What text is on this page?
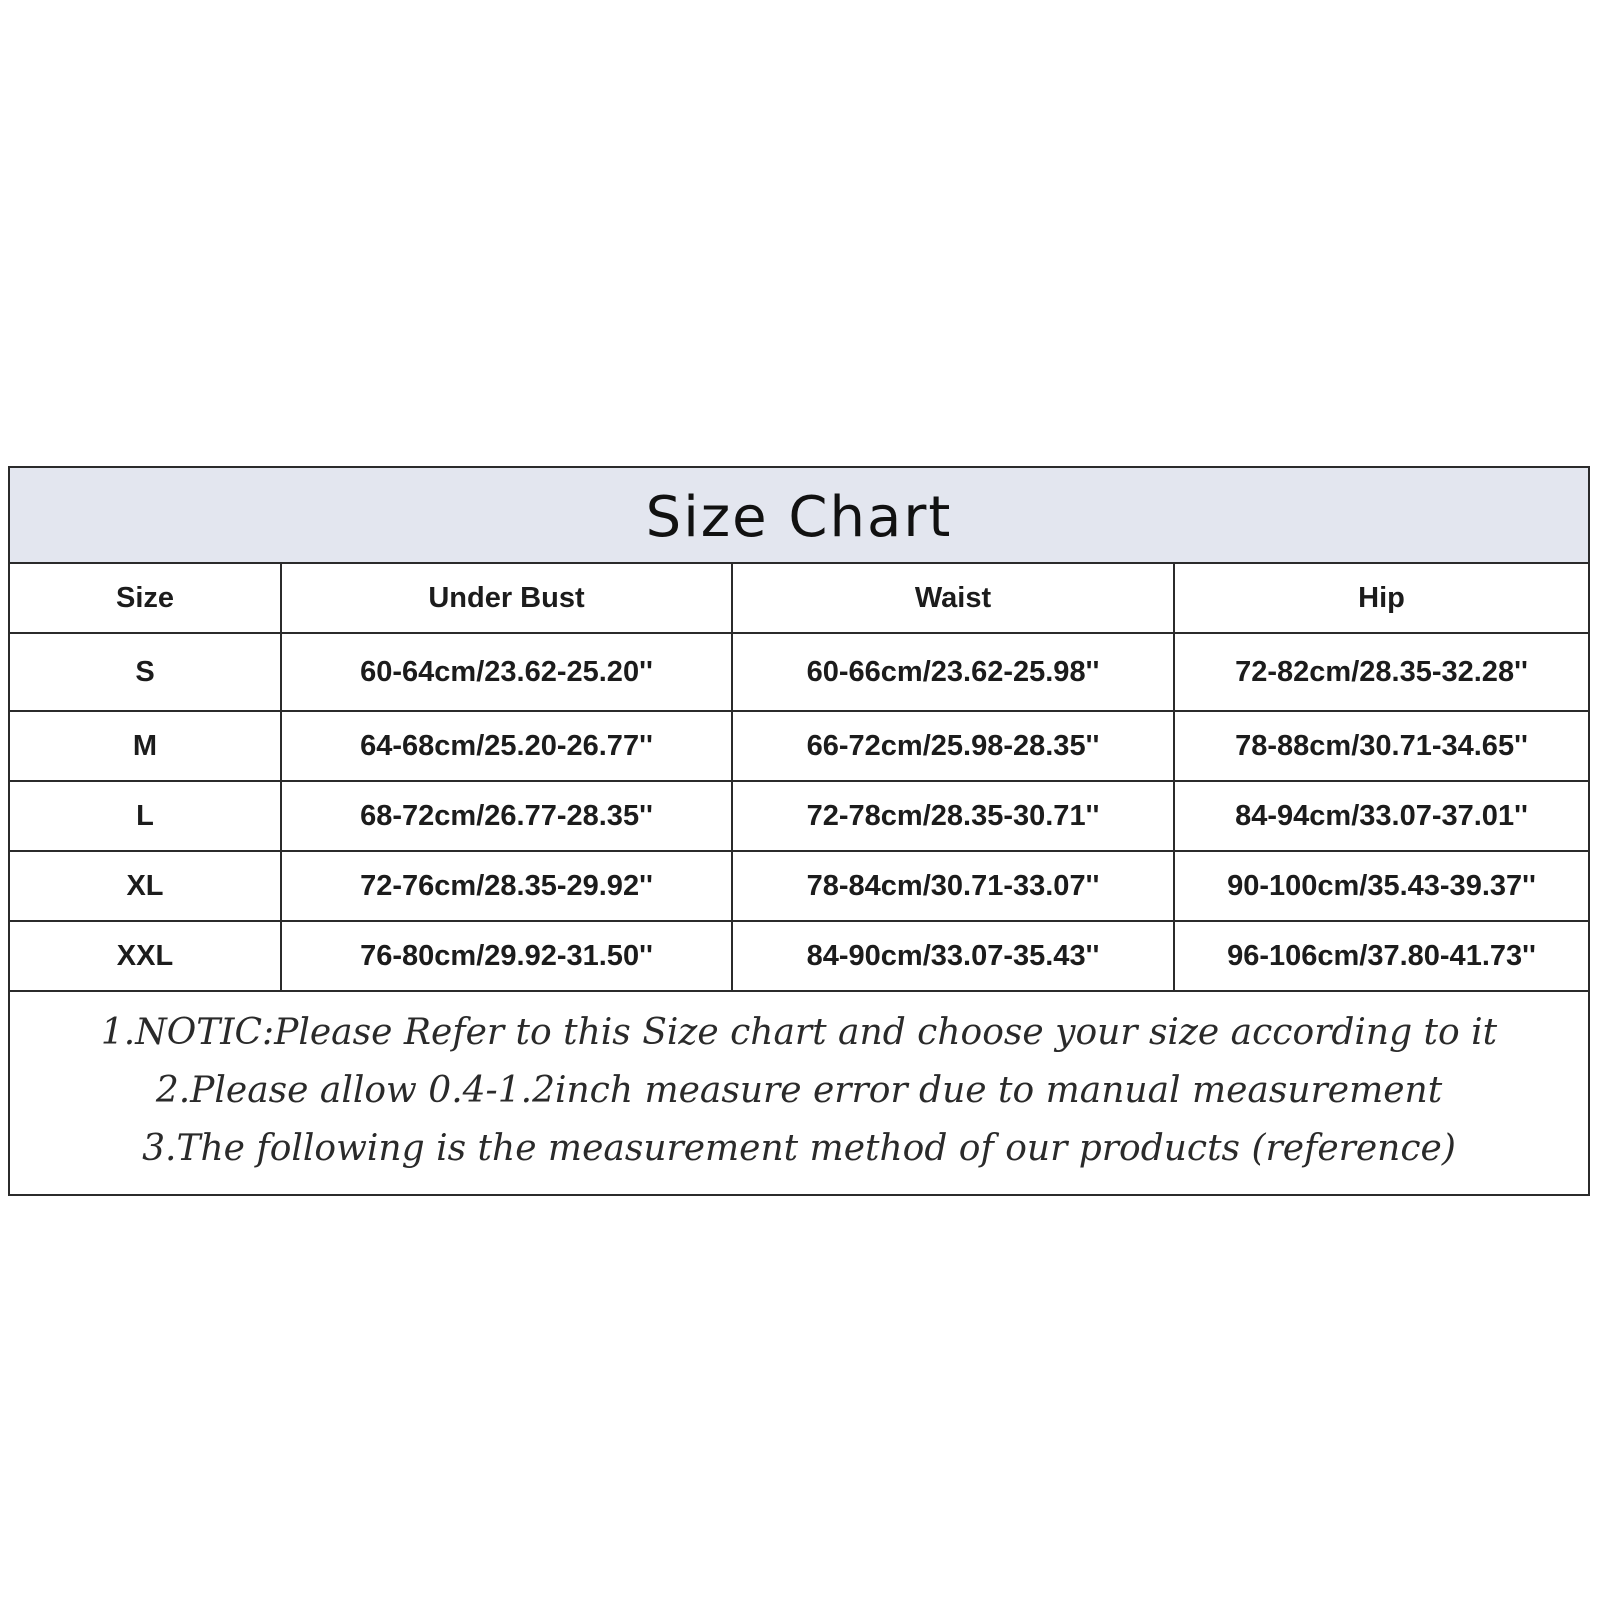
Size Chart
Size	Under Bust	Waist	Hip
S	60-64cm/23.62-25.20''	60-66cm/23.62-25.98''	72-82cm/28.35-32.28''
M	64-68cm/25.20-26.77''	66-72cm/25.98-28.35''	78-88cm/30.71-34.65''
L	68-72cm/26.77-28.35''	72-78cm/28.35-30.71''	84-94cm/33.07-37.01''
XL	72-76cm/28.35-29.92''	78-84cm/30.71-33.07''	90-100cm/35.43-39.37''
XXL	76-80cm/29.92-31.50''	84-90cm/33.07-35.43''	96-106cm/37.80-41.73''
1.NOTIC:Please Refer to this Size chart and choose your size according to it
2.Please allow 0.4-1.2inch measure error due to manual measurement
3.The following is the measurement method of our products (reference)
